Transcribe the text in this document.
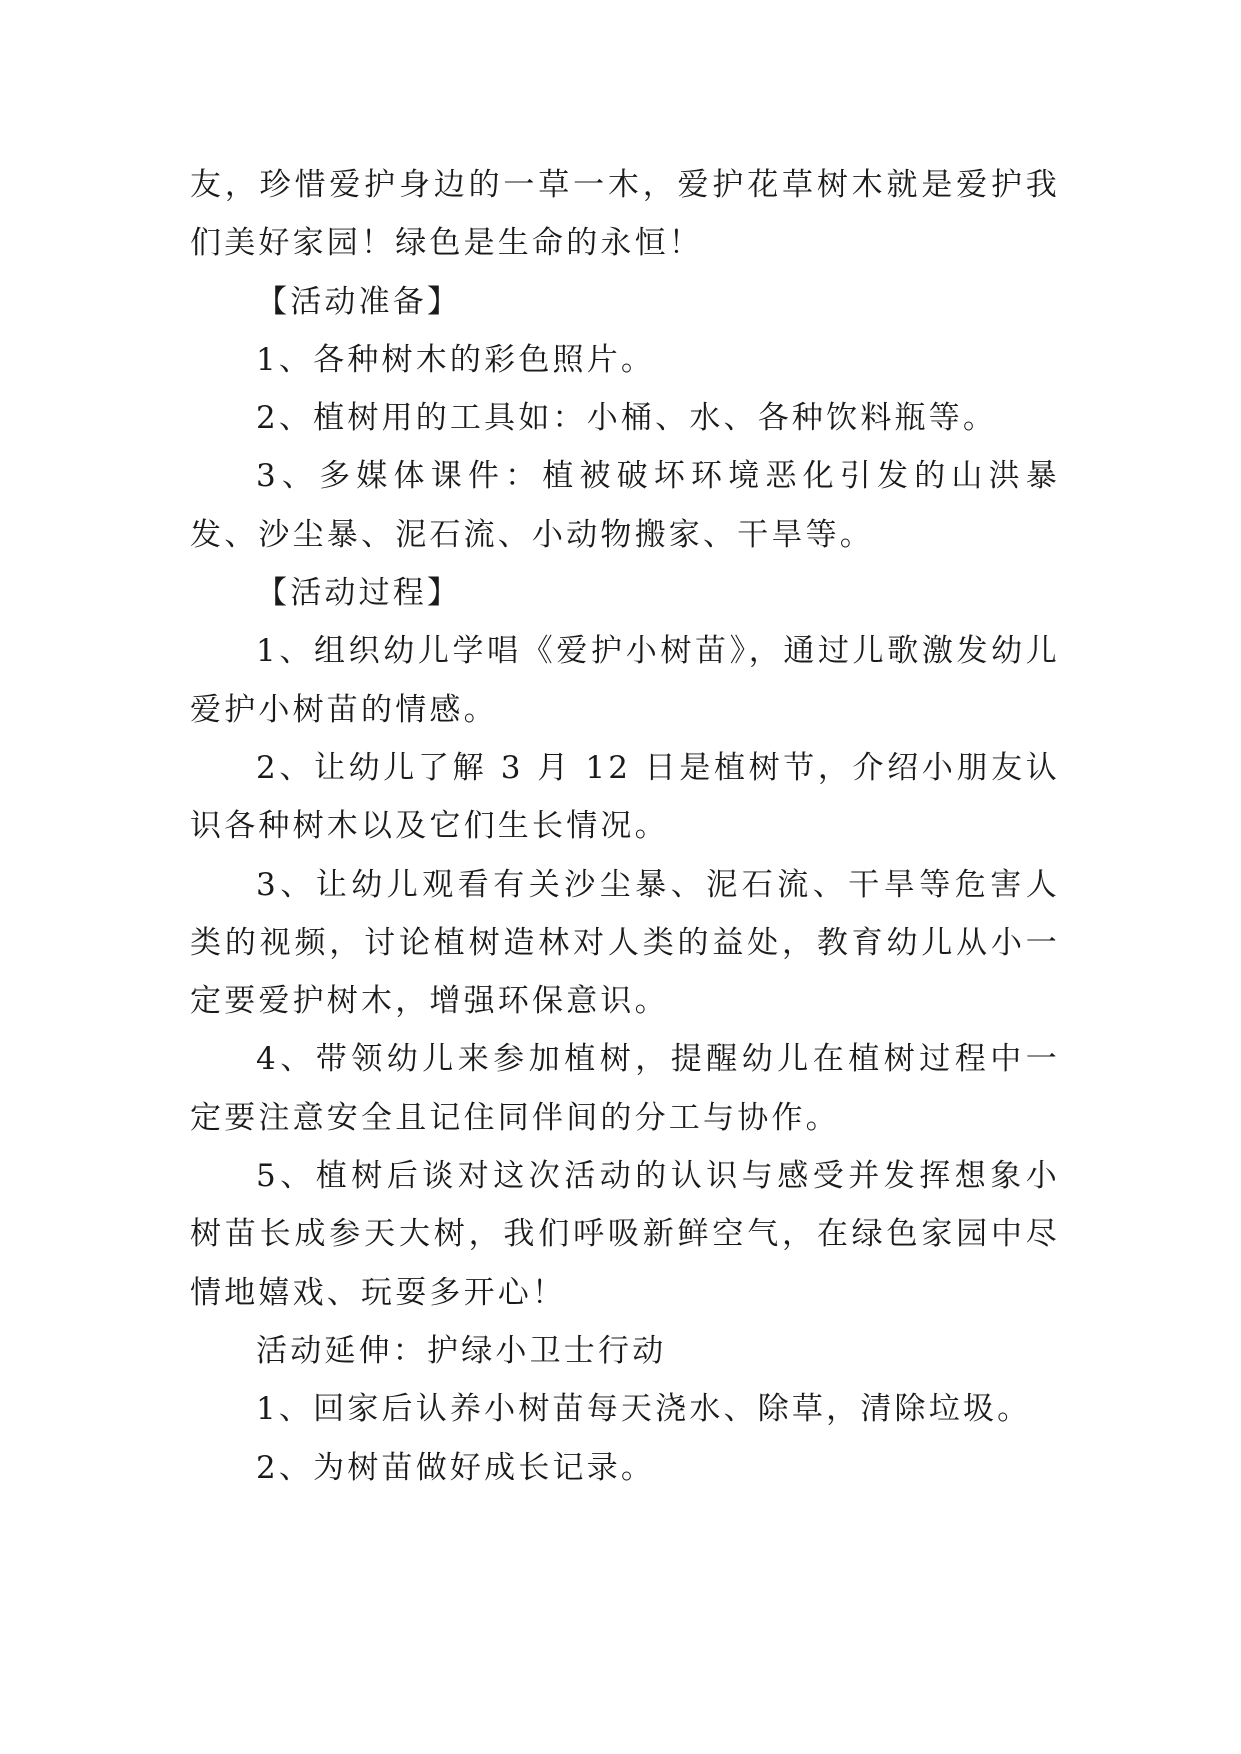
友，珍惜爱护身边的一草一木，爱护花草树木就是爱护我们美好家园！绿色是生命的永恒！

【活动准备】

1、各种树木的彩色照片。

2、植树用的工具如：小桶、水、各种饮料瓶等。

3、多媒体课件：植被破坏环境恶化引发的山洪暴发、沙尘暴、泥石流、小动物搬家、干旱等。

【活动过程】

1、组织幼儿学唱《爱护小树苗》，通过儿歌激发幼儿爱护小树苗的情感。

2、让幼儿了解 3 月 12 日是植树节，介绍小朋友认识各种树木以及它们生长情况。

3、让幼儿观看有关沙尘暴、泥石流、干旱等危害人类的视频，讨论植树造林对人类的益处，教育幼儿从小一定要爱护树木，增强环保意识。

4、带领幼儿来参加植树，提醒幼儿在植树过程中一定要注意安全且记住同伴间的分工与协作。

5、植树后谈对这次活动的认识与感受并发挥想象小树苗长成参天大树，我们呼吸新鲜空气，在绿色家园中尽情地嬉戏、玩耍多开心！

活动延伸：护绿小卫士行动

1、回家后认养小树苗每天浇水、除草，清除垃圾。

2、为树苗做好成长记录。
